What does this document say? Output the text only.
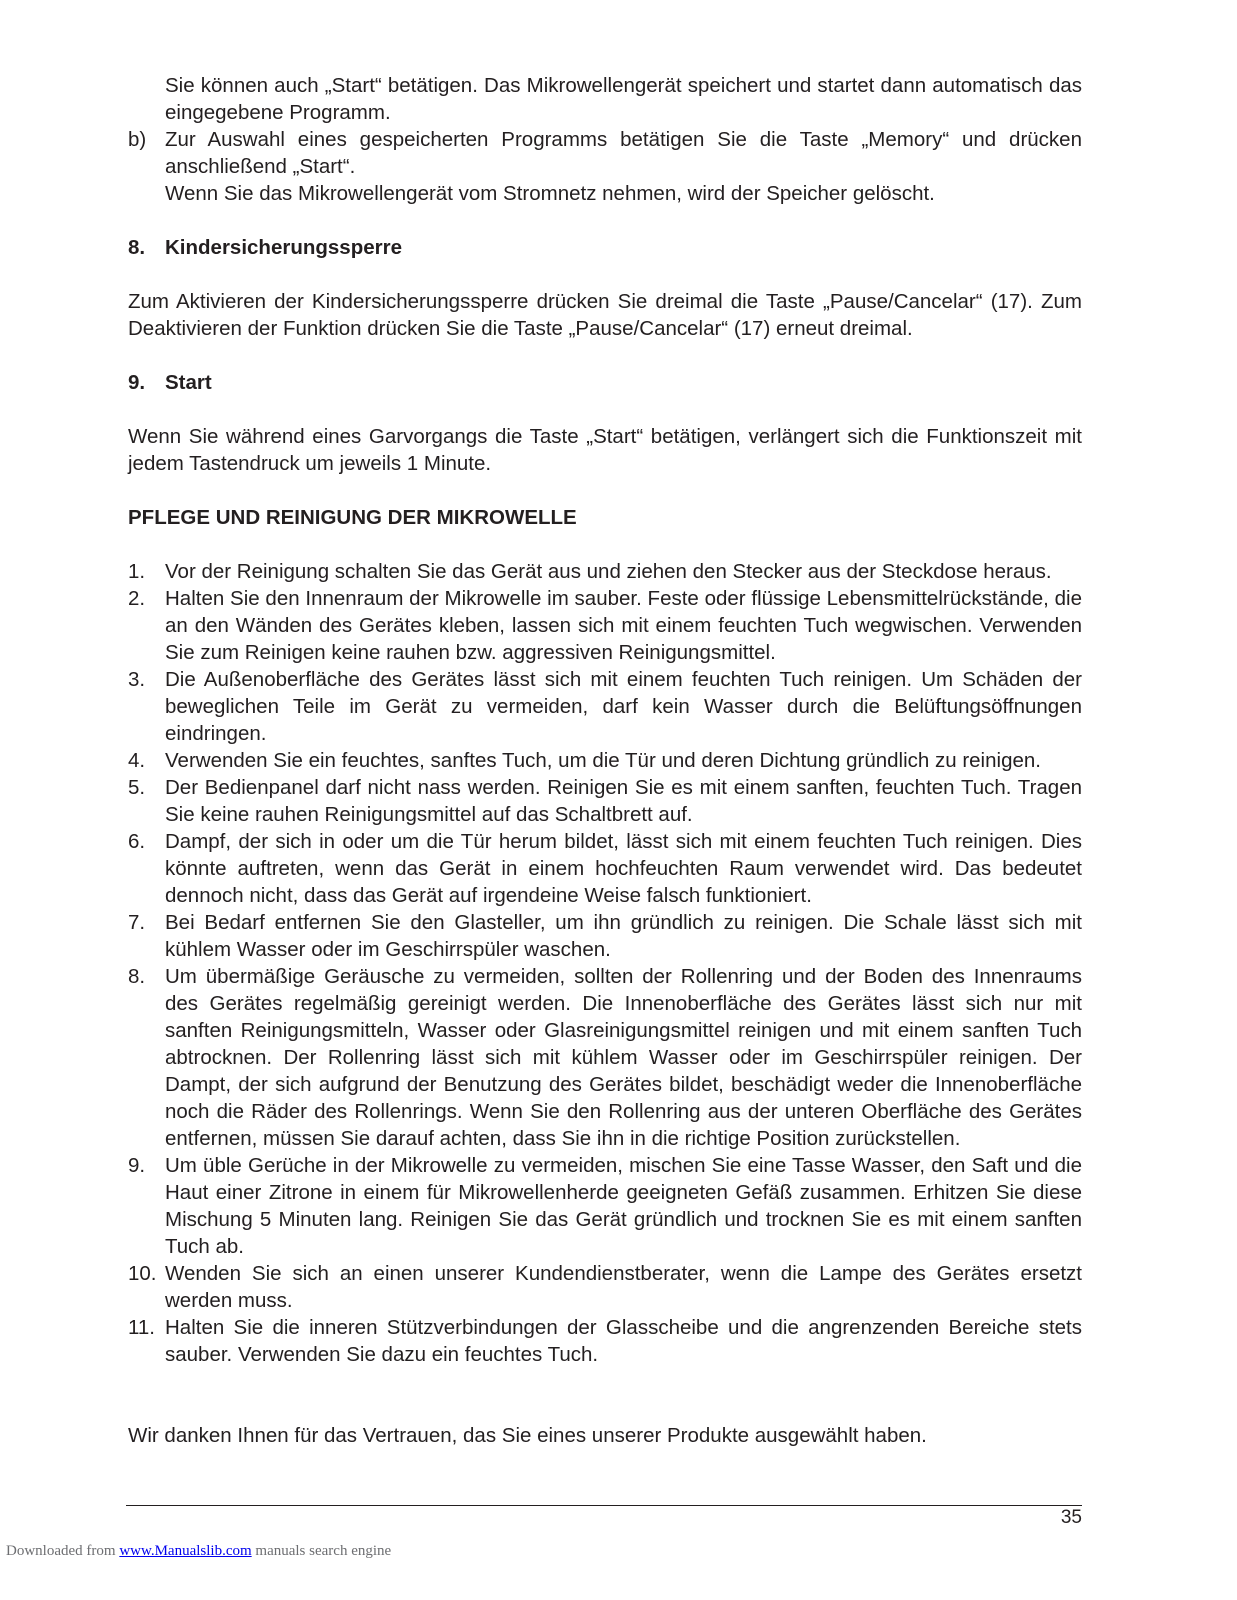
Sie können auch „Start“ betätigen. Das Mikrowellengerät speichert und startet dann automatisch das eingegebene Programm.
b) Zur Auswahl eines gespeicherten Programms betätigen Sie die Taste „Memory“ und drücken anschließend „Start“.
Wenn Sie das Mikrowellengerät vom Stromnetz nehmen, wird der Speicher gelöscht.
8. Kindersicherungssperre
Zum Aktivieren der Kindersicherungssperre drücken Sie dreimal die Taste „Pause/Cancelar“ (17). Zum Deaktivieren der Funktion drücken Sie die Taste „Pause/Cancelar“ (17) erneut dreimal.
9. Start
Wenn Sie während eines Garvorgangs die Taste „Start“ betätigen, verlängert sich die Funktionszeit mit jedem Tastendruck um jeweils 1 Minute.
PFLEGE UND REINIGUNG DER MIKROWELLE
1. Vor der Reinigung schalten Sie das Gerät aus und ziehen den Stecker aus der Steckdose heraus.
2. Halten Sie den Innenraum der Mikrowelle im sauber. Feste oder flüssige Lebensmittelrückstände, die an den Wänden des Gerätes kleben, lassen sich mit einem feuchten Tuch wegwischen. Verwenden Sie zum Reinigen keine rauhen bzw. aggressiven Reinigungsmittel.
3. Die Außenoberfläche des Gerätes lässt sich mit einem feuchten Tuch reinigen. Um Schäden der beweglichen Teile im Gerät zu vermeiden, darf kein Wasser durch die Belüftungsöffnungen eindringen.
4. Verwenden Sie ein feuchtes, sanftes Tuch, um die Tür und deren Dichtung gründlich zu reinigen.
5. Der Bedienpanel darf nicht nass werden. Reinigen Sie es mit einem sanften, feuchten Tuch. Tragen Sie keine rauhen Reinigungsmittel auf das Schaltbrett auf.
6. Dampf, der sich in oder um die Tür herum bildet, lässt sich mit einem feuchten Tuch reinigen. Dies könnte auftreten, wenn das Gerät in einem hochfeuchten Raum verwendet wird. Das bedeutet dennoch nicht, dass das Gerät auf irgendeine Weise falsch funktioniert.
7. Bei Bedarf entfernen Sie den Glasteller, um ihn gründlich zu reinigen. Die Schale lässt sich mit kühlem Wasser oder im Geschirrspüler waschen.
8. Um übermäßige Geräusche zu vermeiden, sollten der Rollenring und der Boden des Innenraums des Gerätes regelmäßig gereinigt werden. Die Innenoberfläche des Gerätes lässt sich nur mit sanften Reinigungsmitteln, Wasser oder Glasreinigungsmittel reinigen und mit einem sanften Tuch abtrocknen. Der Rollenring lässt sich mit kühlem Wasser oder im Geschirrspüler reinigen. Der Dampt, der sich aufgrund der Benutzung des Gerätes bildet, beschädigt weder die Innenoberfläche noch die Räder des Rollenrings. Wenn Sie den Rollenring aus der unteren Oberfläche des Gerätes entfernen, müssen Sie darauf achten, dass Sie ihn in die richtige Position zurückstellen.
9. Um üble Gerüche in der Mikrowelle zu vermeiden, mischen Sie eine Tasse Wasser, den Saft und die Haut einer Zitrone in einem für Mikrowellenherde geeigneten Gefäß zusammen. Erhitzen Sie diese Mischung 5 Minuten lang. Reinigen Sie das Gerät gründlich und trocknen Sie es mit einem sanften Tuch ab.
10. Wenden Sie sich an einen unserer Kundendienstberater, wenn die Lampe des Gerätes ersetzt werden muss.
11. Halten Sie die inneren Stützverbindungen der Glasscheibe und die angrenzenden Bereiche stets sauber. Verwenden Sie dazu ein feuchtes Tuch.
Wir danken Ihnen für das Vertrauen, das Sie eines unserer Produkte ausgewählt haben.
35
Downloaded from www.Manualslib.com manuals search engine
